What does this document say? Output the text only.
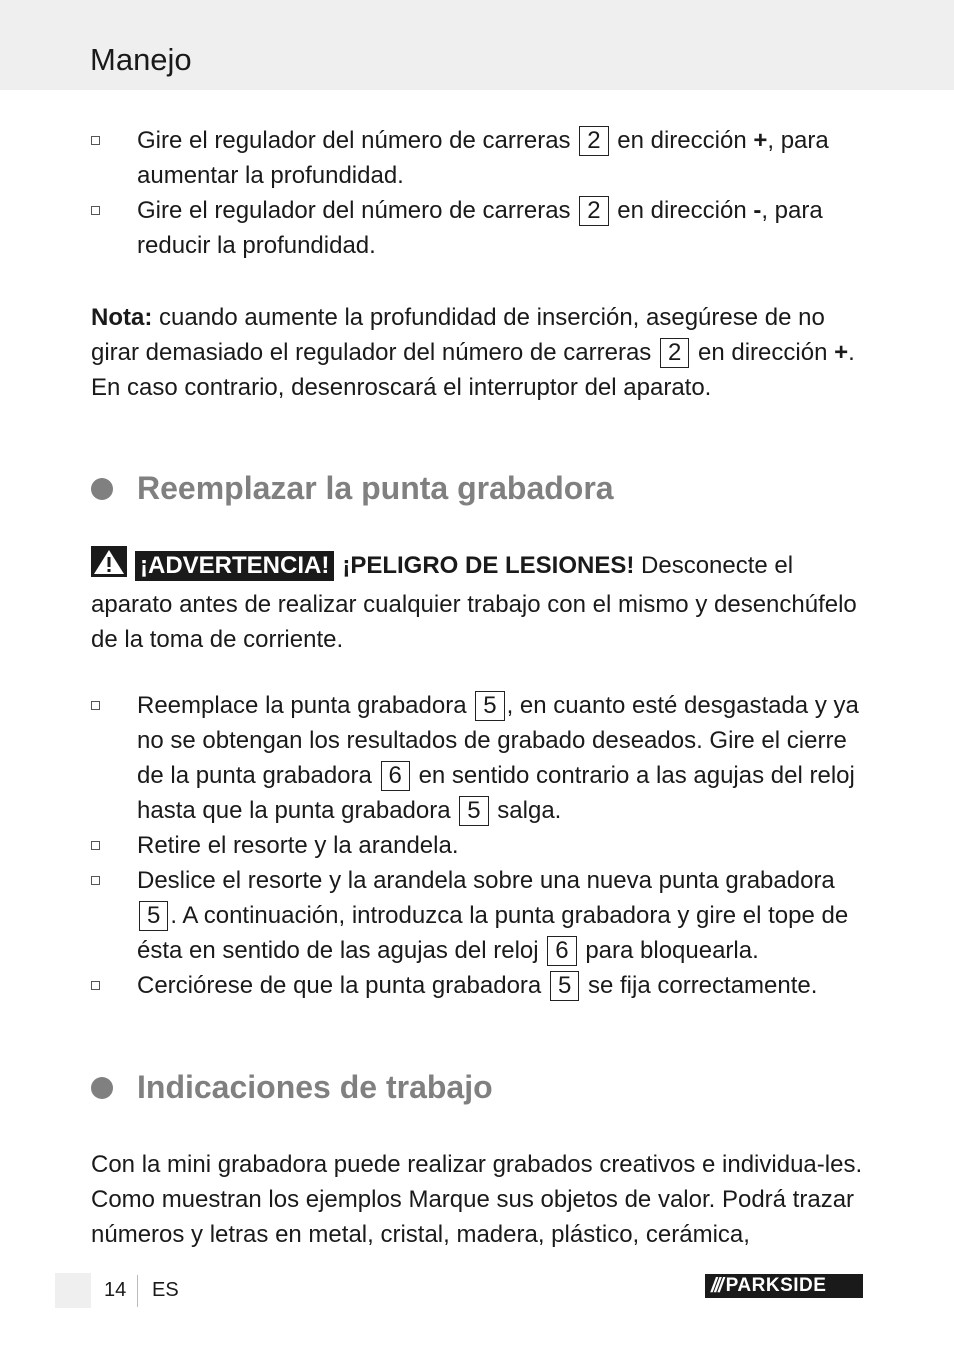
Manejo
Gire el regulador del número de carreras 2 en dirección +, para aumentar la profundidad.
Gire el regulador del número de carreras 2 en dirección -, para reducir la profundidad.
Nota: cuando aumente la profundidad de inserción, asegúrese de no girar demasiado el regulador del número de carreras 2 en dirección +. En caso contrario, desenroscará el interruptor del aparato.
Reemplazar la punta grabadora
¡ADVERTENCIA! ¡PELIGRO DE LESIONES! Desconecte el aparato antes de realizar cualquier trabajo con el mismo y desenchúfelo de la toma de corriente.
Reemplace la punta grabadora 5 , en cuanto esté desgastada y ya no se obtengan los resultados de grabado deseados. Gire el cierre de la punta grabadora 6 en sentido contrario a las agujas del reloj hasta que la punta grabadora 5 salga.
Retire el resorte y la arandela.
Deslice el resorte y la arandela sobre una nueva punta grabadora 5 . A continuación, introduzca la punta grabadora y gire el tope de ésta en sentido de las agujas del reloj 6 para bloquearla.
Cerciórese de que la punta grabadora 5 se fija correctamente.
Indicaciones de trabajo
Con la mini grabadora puede realizar grabados creativos e individua-les. Como muestran los ejemplos Marque sus objetos de valor. Podrá trazar números y letras en metal, cristal, madera, plástico, cerámica,
14 ES	/// PARKSIDE
